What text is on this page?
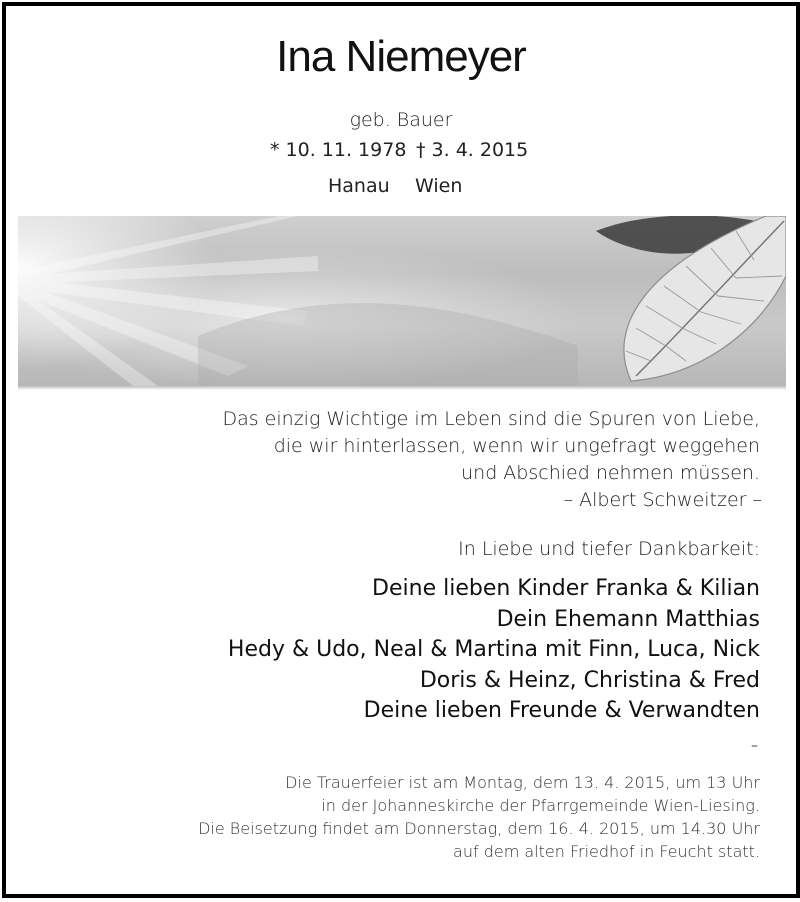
Ina Niemeyer
geb. Bauer
* 10. 11. 1978 † 3. 4. 2015
Hanau Wien
Das einzig Wichtige im Leben sind die Spuren von Liebe,
die wir hinterlassen, wenn wir ungefragt weggehen
und Abschied nehmen müssen.
– Albert Schweitzer –
In Liebe und tiefer Dankbarkeit:
Deine lieben Kinder Franka & Kilian
Dein Ehemann Matthias
Hedy & Udo, Neal & Martina mit Finn, Luca, Nick
Doris & Heinz, Christina & Fred
Deine lieben Freunde & Verwandten
–
Die Trauerfeier ist am Montag, dem 13. 4. 2015, um 13 Uhr
in der Johanneskirche der Pfarrgemeinde Wien-Liesing.
Die Beisetzung findet am Donnerstag, dem 16. 4. 2015, um 14.30 Uhr
auf dem alten Friedhof in Feucht statt.
